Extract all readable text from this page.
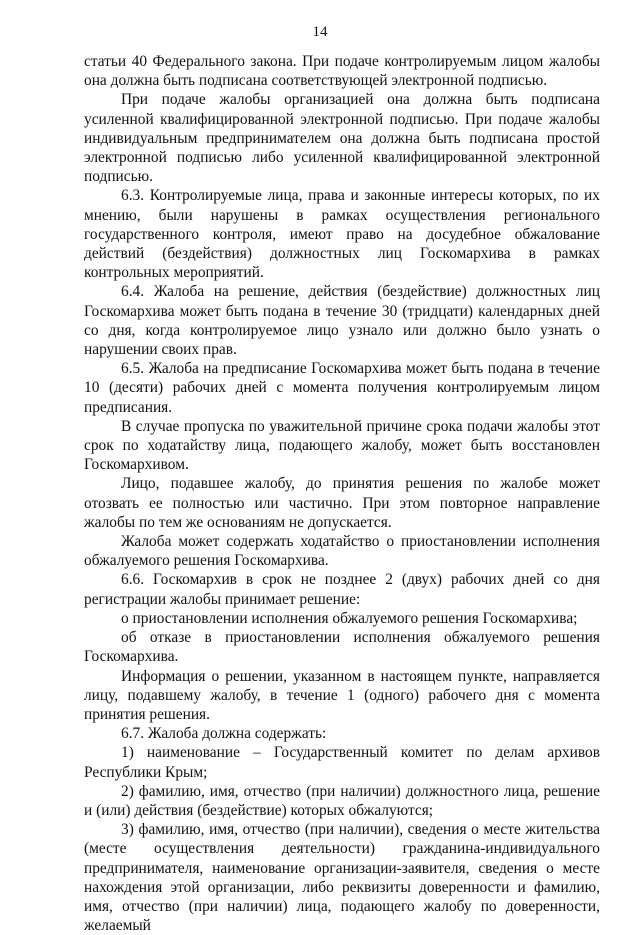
14

статьи 40 Федерального закона. При подаче контролируемым лицом жалобы она должна быть подписана соответствующей электронной подписью.

При подаче жалобы организацией она должна быть подписана усиленной квалифицированной электронной подписью. При подаче жалобы индивидуальным предпринимателем она должна быть подписана простой электронной подписью либо усиленной квалифицированной электронной подписью.

6.3. Контролируемые лица, права и законные интересы которых, по их мнению, были нарушены в рамках осуществления регионального государственного контроля, имеют право на досудебное обжалование действий (бездействия) должностных лиц Госкомархива в рамках контрольных мероприятий.

6.4. Жалоба на решение, действия (бездействие) должностных лиц Госкомархива может быть подана в течение 30 (тридцати) календарных дней со дня, когда контролируемое лицо узнало или должно было узнать о нарушении своих прав.

6.5. Жалоба на предписание Госкомархива может быть подана в течение 10 (десяти) рабочих дней с момента получения контролируемым лицом предписания.

В случае пропуска по уважительной причине срока подачи жалобы этот срок по ходатайству лица, подающего жалобу, может быть восстановлен Госкомархивом.

Лицо, подавшее жалобу, до принятия решения по жалобе может отозвать ее полностью или частично. При этом повторное направление жалобы по тем же основаниям не допускается.

Жалоба может содержать ходатайство о приостановлении исполнения обжалуемого решения Госкомархива.

6.6. Госкомархив в срок не позднее 2 (двух) рабочих дней со дня регистрации жалобы принимает решение:

о приостановлении исполнения обжалуемого решения Госкомархива;

об отказе в приостановлении исполнения обжалуемого решения Госкомархива.

Информация о решении, указанном в настоящем пункте, направляется лицу, подавшему жалобу, в течение 1 (одного) рабочего дня с момента принятия решения.

6.7. Жалоба должна содержать:

1) наименование – Государственный комитет по делам архивов Республики Крым;

2) фамилию, имя, отчество (при наличии) должностного лица, решение и (или) действия (бездействие) которых обжалуются;

3) фамилию, имя, отчество (при наличии), сведения о месте жительства (месте осуществления деятельности) гражданина-индивидуального предпринимателя, наименование организации-заявителя, сведения о месте нахождения этой организации, либо реквизиты доверенности и фамилию, имя, отчество (при наличии) лица, подающего жалобу по доверенности, желаемый
